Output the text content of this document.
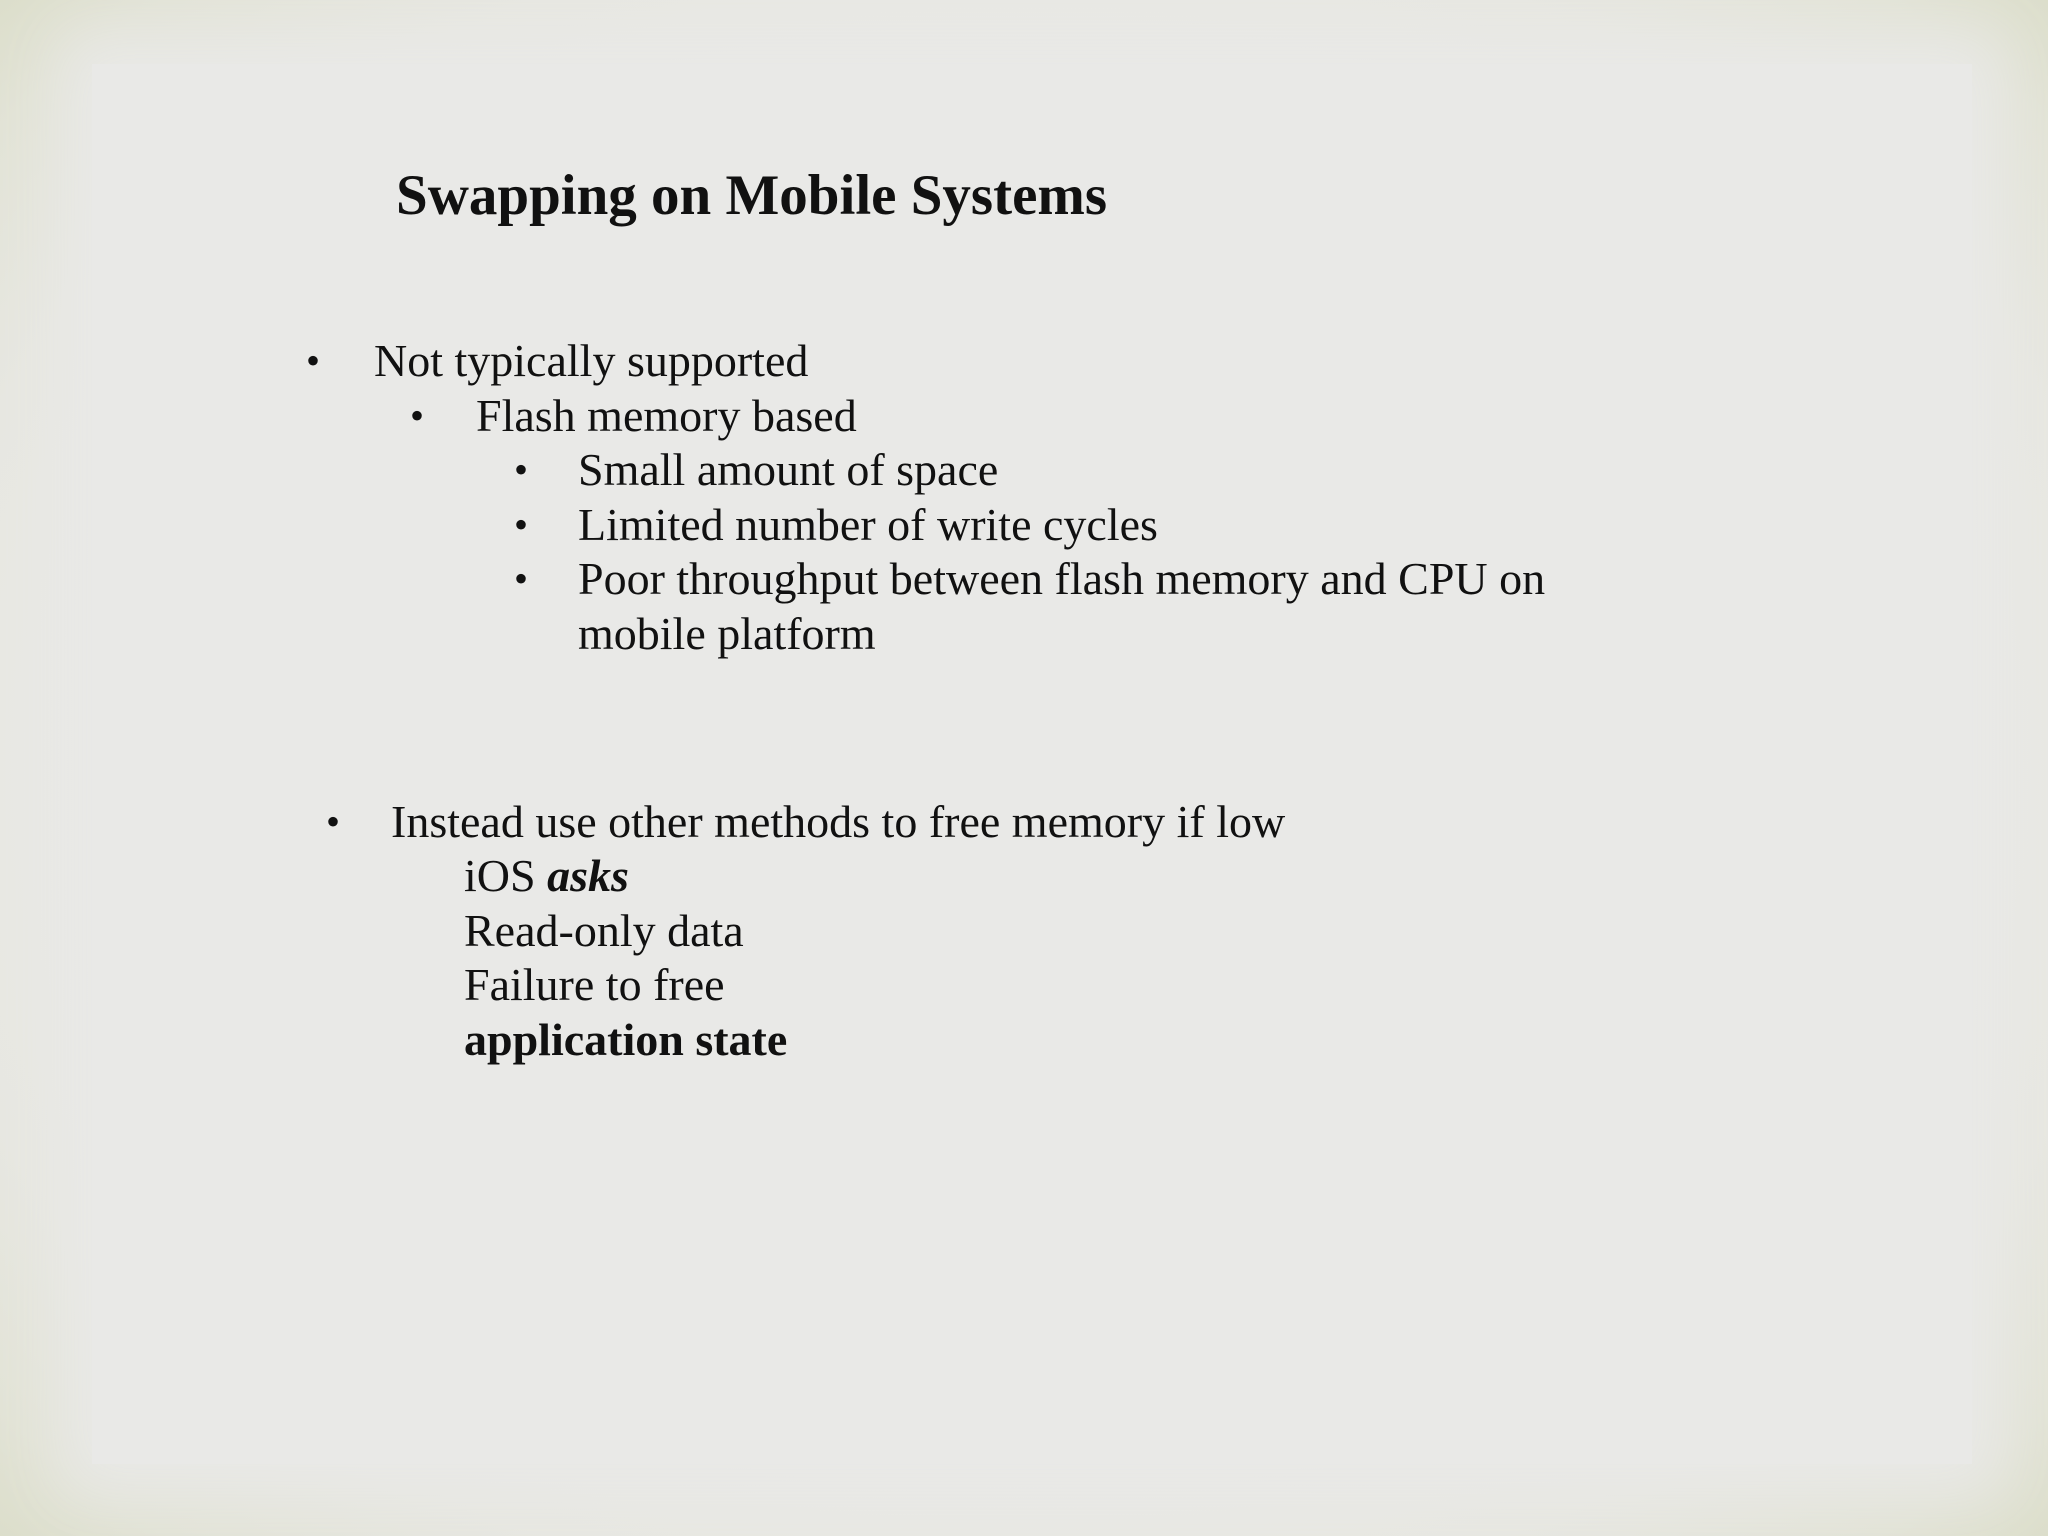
Swapping on Mobile Systems
• Not typically supported
• Flash memory based
• Small amount of space
• Limited number of write cycles
• Poor throughput between flash memory and CPU on
mobile platform
• Instead use other methods to free memory if low
iOS asks
Read-only data
Failure to free
application state
